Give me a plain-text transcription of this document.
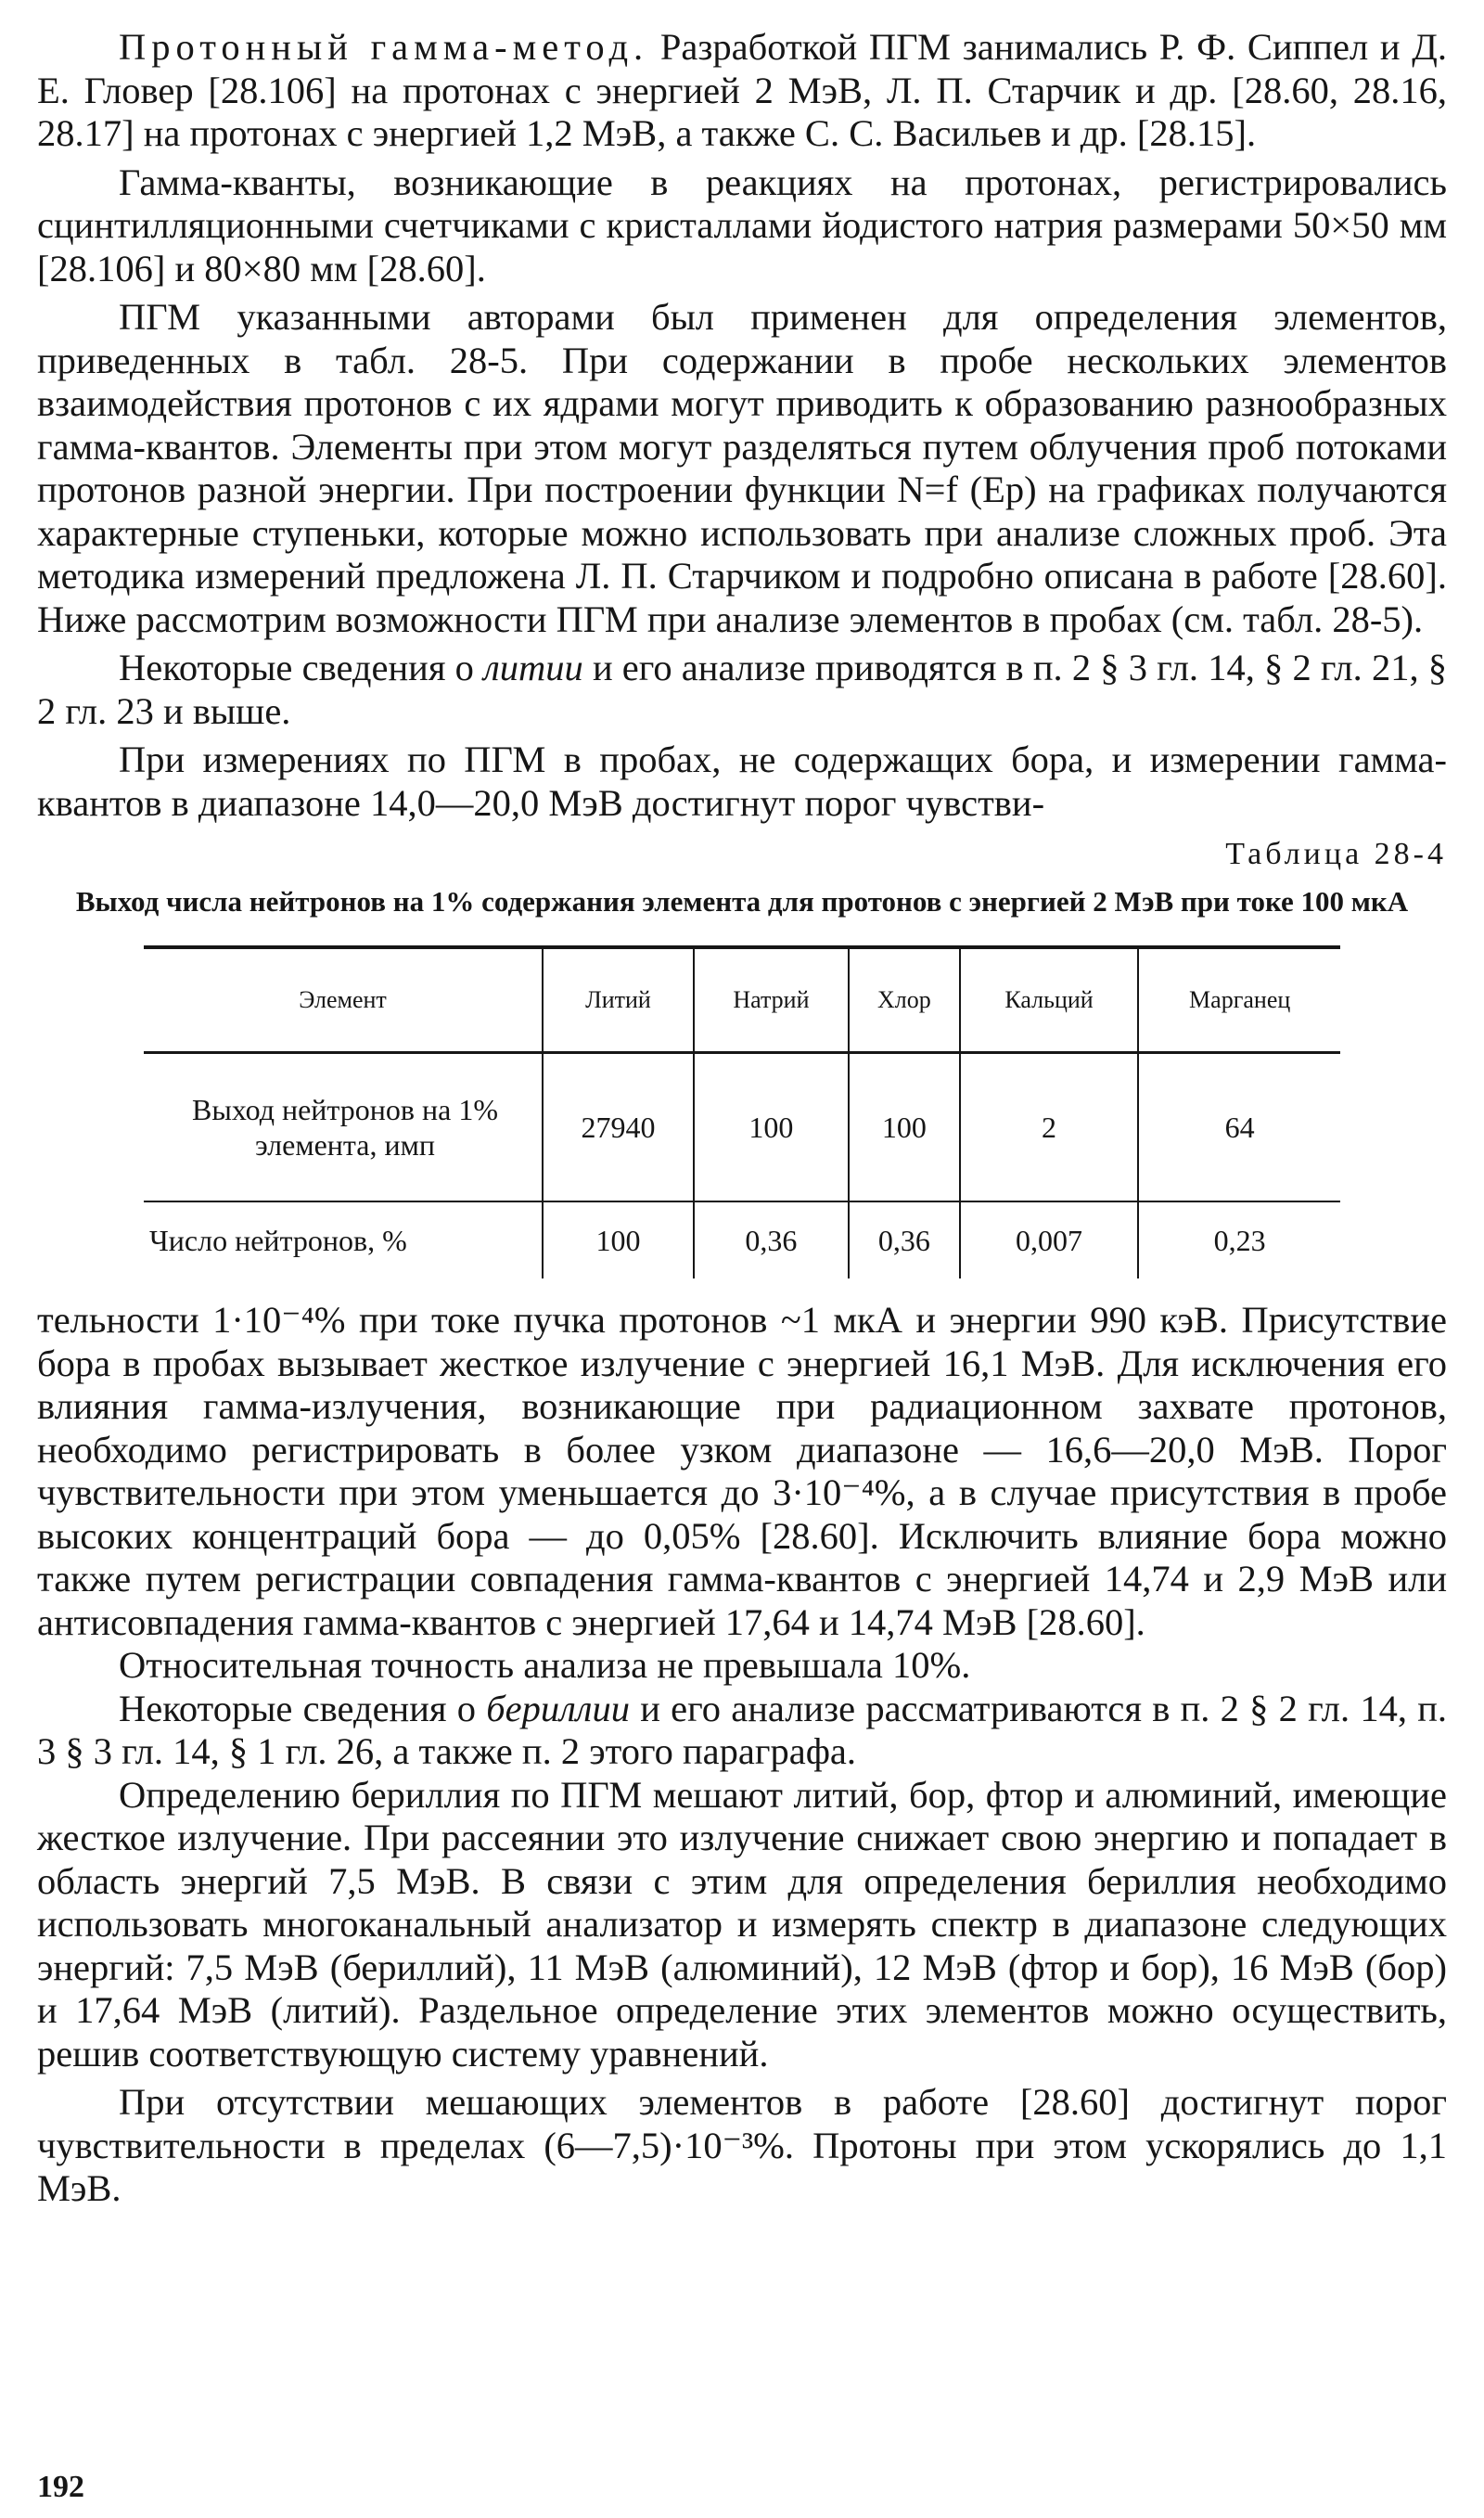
Протонный гамма-метод. Разработкой ПГМ занимались Р. Ф. Сиппел и Д. Е. Гловер [28.106] на протонах с энергией 2 МэВ, Л. П. Старчик и др. [28.60, 28.16, 28.17] на протонах с энергией 1,2 МэВ, а также С. С. Васильев и др. [28.15].

Гамма-кванты, возникающие в реакциях на протонах, регистрировались сцинтилляционными счетчиками с кристаллами йодистого натрия размерами 50×50 мм [28.106] и 80×80 мм [28.60].

ПГМ указанными авторами был применен для определения элементов, приведенных в табл. 28-5. При содержании в пробе нескольких элементов взаимодействия протонов с их ядрами могут приводить к образованию разнообразных гамма-квантов. Элементы при этом могут разделяться путем облучения проб потоками протонов разной энергии. При построении функции N=f (Ep) на графиках получаются характерные ступеньки, которые можно использовать при анализе сложных проб. Эта методика измерений предложена Л. П. Старчиком и подробно описана в работе [28.60]. Ниже рассмотрим возможности ПГМ при анализе элементов в пробах (см. табл. 28-5).

Некоторые сведения о литии и его анализе приводятся в п. 2 § 3 гл. 14, § 2 гл. 21, § 2 гл. 23 и выше.

При измерениях по ПГМ в пробах, не содержащих бора, и измерении гамма-квантов в диапазоне 14,0—20,0 МэВ достигнут порог чувстви-

Таблица 28-4
Выход числа нейтронов на 1% содержания элемента для протонов с энергией 2 МэВ при токе 100 мкА
Элемент	Литий	Натрий	Хлор	Кальций	Марганец
Выход нейтронов на 1% элемента, имп	27940	100	100	2	64
Число нейтронов, %	100	0,36	0,36	0,007	0,23

тельности 1·10⁻⁴% при токе пучка протонов ~1 мкА и энергии 990 кэВ. Присутствие бора в пробах вызывает жесткое излучение с энергией 16,1 МэВ. Для исключения его влияния гамма-излучения, возникающие при радиационном захвате протонов, необходимо регистрировать в более узком диапазоне — 16,6—20,0 МэВ. Порог чувствительности при этом уменьшается до 3·10⁻⁴%, а в случае присутствия в пробе высоких концентраций бора — до 0,05% [28.60]. Исключить влияние бора можно также путем регистрации совпадения гамма-квантов с энергией 14,74 и 2,9 МэВ или антисовпадения гамма-квантов с энергией 17,64 и 14,74 МэВ [28.60].

Относительная точность анализа не превышала 10%.

Некоторые сведения о бериллии и его анализе рассматриваются в п. 2 § 2 гл. 14, п. 3 § 3 гл. 14, § 1 гл. 26, а также п. 2 этого параграфа.

Определению бериллия по ПГМ мешают литий, бор, фтор и алюминий, имеющие жесткое излучение. При рассеянии это излучение снижает свою энергию и попадает в область энергий 7,5 МэВ. В связи с этим для определения бериллия необходимо использовать многоканальный анализатор и измерять спектр в диапазоне следующих энергий: 7,5 МэВ (бериллий), 11 МэВ (алюминий), 12 МэВ (фтор и бор), 16 МэВ (бор) и 17,64 МэВ (литий). Раздельное определение этих элементов можно осуществить, решив соответствующую систему уравнений.

При отсутствии мешающих элементов в работе [28.60] достигнут порог чувствительности в пределах (6—7,5)·10⁻³%. Протоны при этом ускорялись до 1,1 МэВ.

192
